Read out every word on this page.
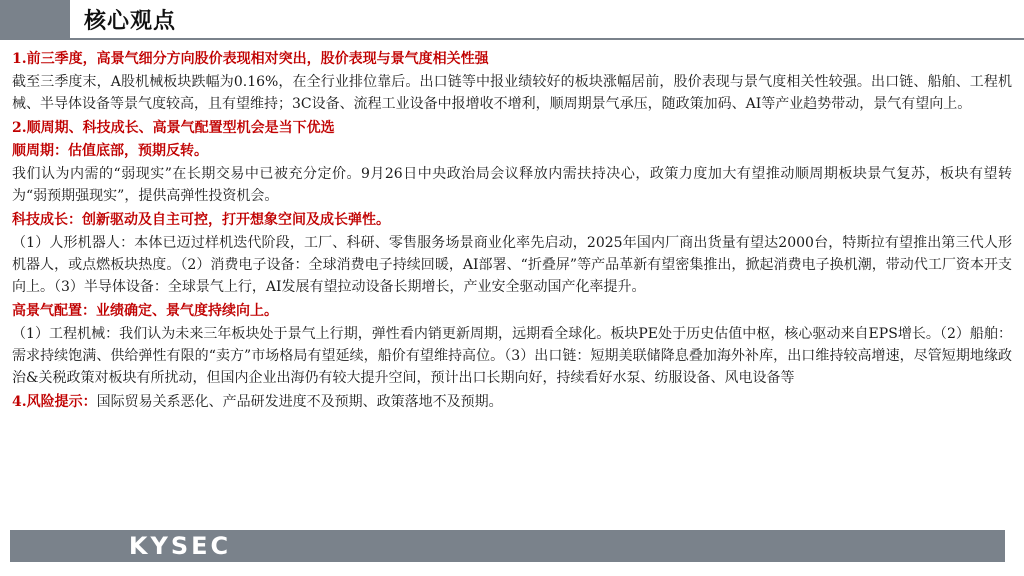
核心观点

1.前三季度，高景气细分方向股价表现相对突出，股价表现与景气度相关性强

截至三季度末，A股机械板块跌幅为0.16%，在全行业排位靠后。出口链等中报业绩较好的板块涨幅居前，股价表现与景气度相关性较强。出口链、船舶、工程机械、半导体设备等景气度较高，且有望维持；3C设备、流程工业设备中报增收不增利，顺周期景气承压，随政策加码、AI等产业趋势带动，景气有望向上。

2.顺周期、科技成长、高景气配置型机会是当下优选

顺周期：估值底部，预期反转。

我们认为内需的“弱现实”在长期交易中已被充分定价。9月26日中央政治局会议释放内需扶持决心，政策力度加大有望推动顺周期板块景气复苏，板块有望转为“弱预期强现实”，提供高弹性投资机会。

科技成长：创新驱动及自主可控，打开想象空间及成长弹性。

（1）人形机器人：本体已迈过样机迭代阶段，工厂、科研、零售服务场景商业化率先启动，2025年国内厂商出货量有望达2000台，特斯拉有望推出第三代人形机器人，或点燃板块热度。（2）消费电子设备：全球消费电子持续回暖，AI部署、“折叠屏”等产品革新有望密集推出，掀起消费电子换机潮，带动代工厂资本开支向上。（3）半导体设备：全球景气上行，AI发展有望拉动设备长期增长，产业安全驱动国产化率提升。

高景气配置：业绩确定、景气度持续向上。

（1）工程机械：我们认为未来三年板块处于景气上行期，弹性看内销更新周期，远期看全球化。板块PE处于历史估值中枢，核心驱动来自EPS增长。（2）船舶：需求持续饱满、供给弹性有限的“卖方”市场格局有望延续，船价有望维持高位。（3）出口链：短期美联储降息叠加海外补库，出口维持较高增速，尽管短期地缘政治&关税政策对板块有所扰动，但国内企业出海仍有较大提升空间，预计出口长期向好，持续看好水泵、纺服设备、风电设备等

4.风险提示：国际贸易关系恶化、产品研发进度不及预期、政策落地不及预期。

KYSEC
